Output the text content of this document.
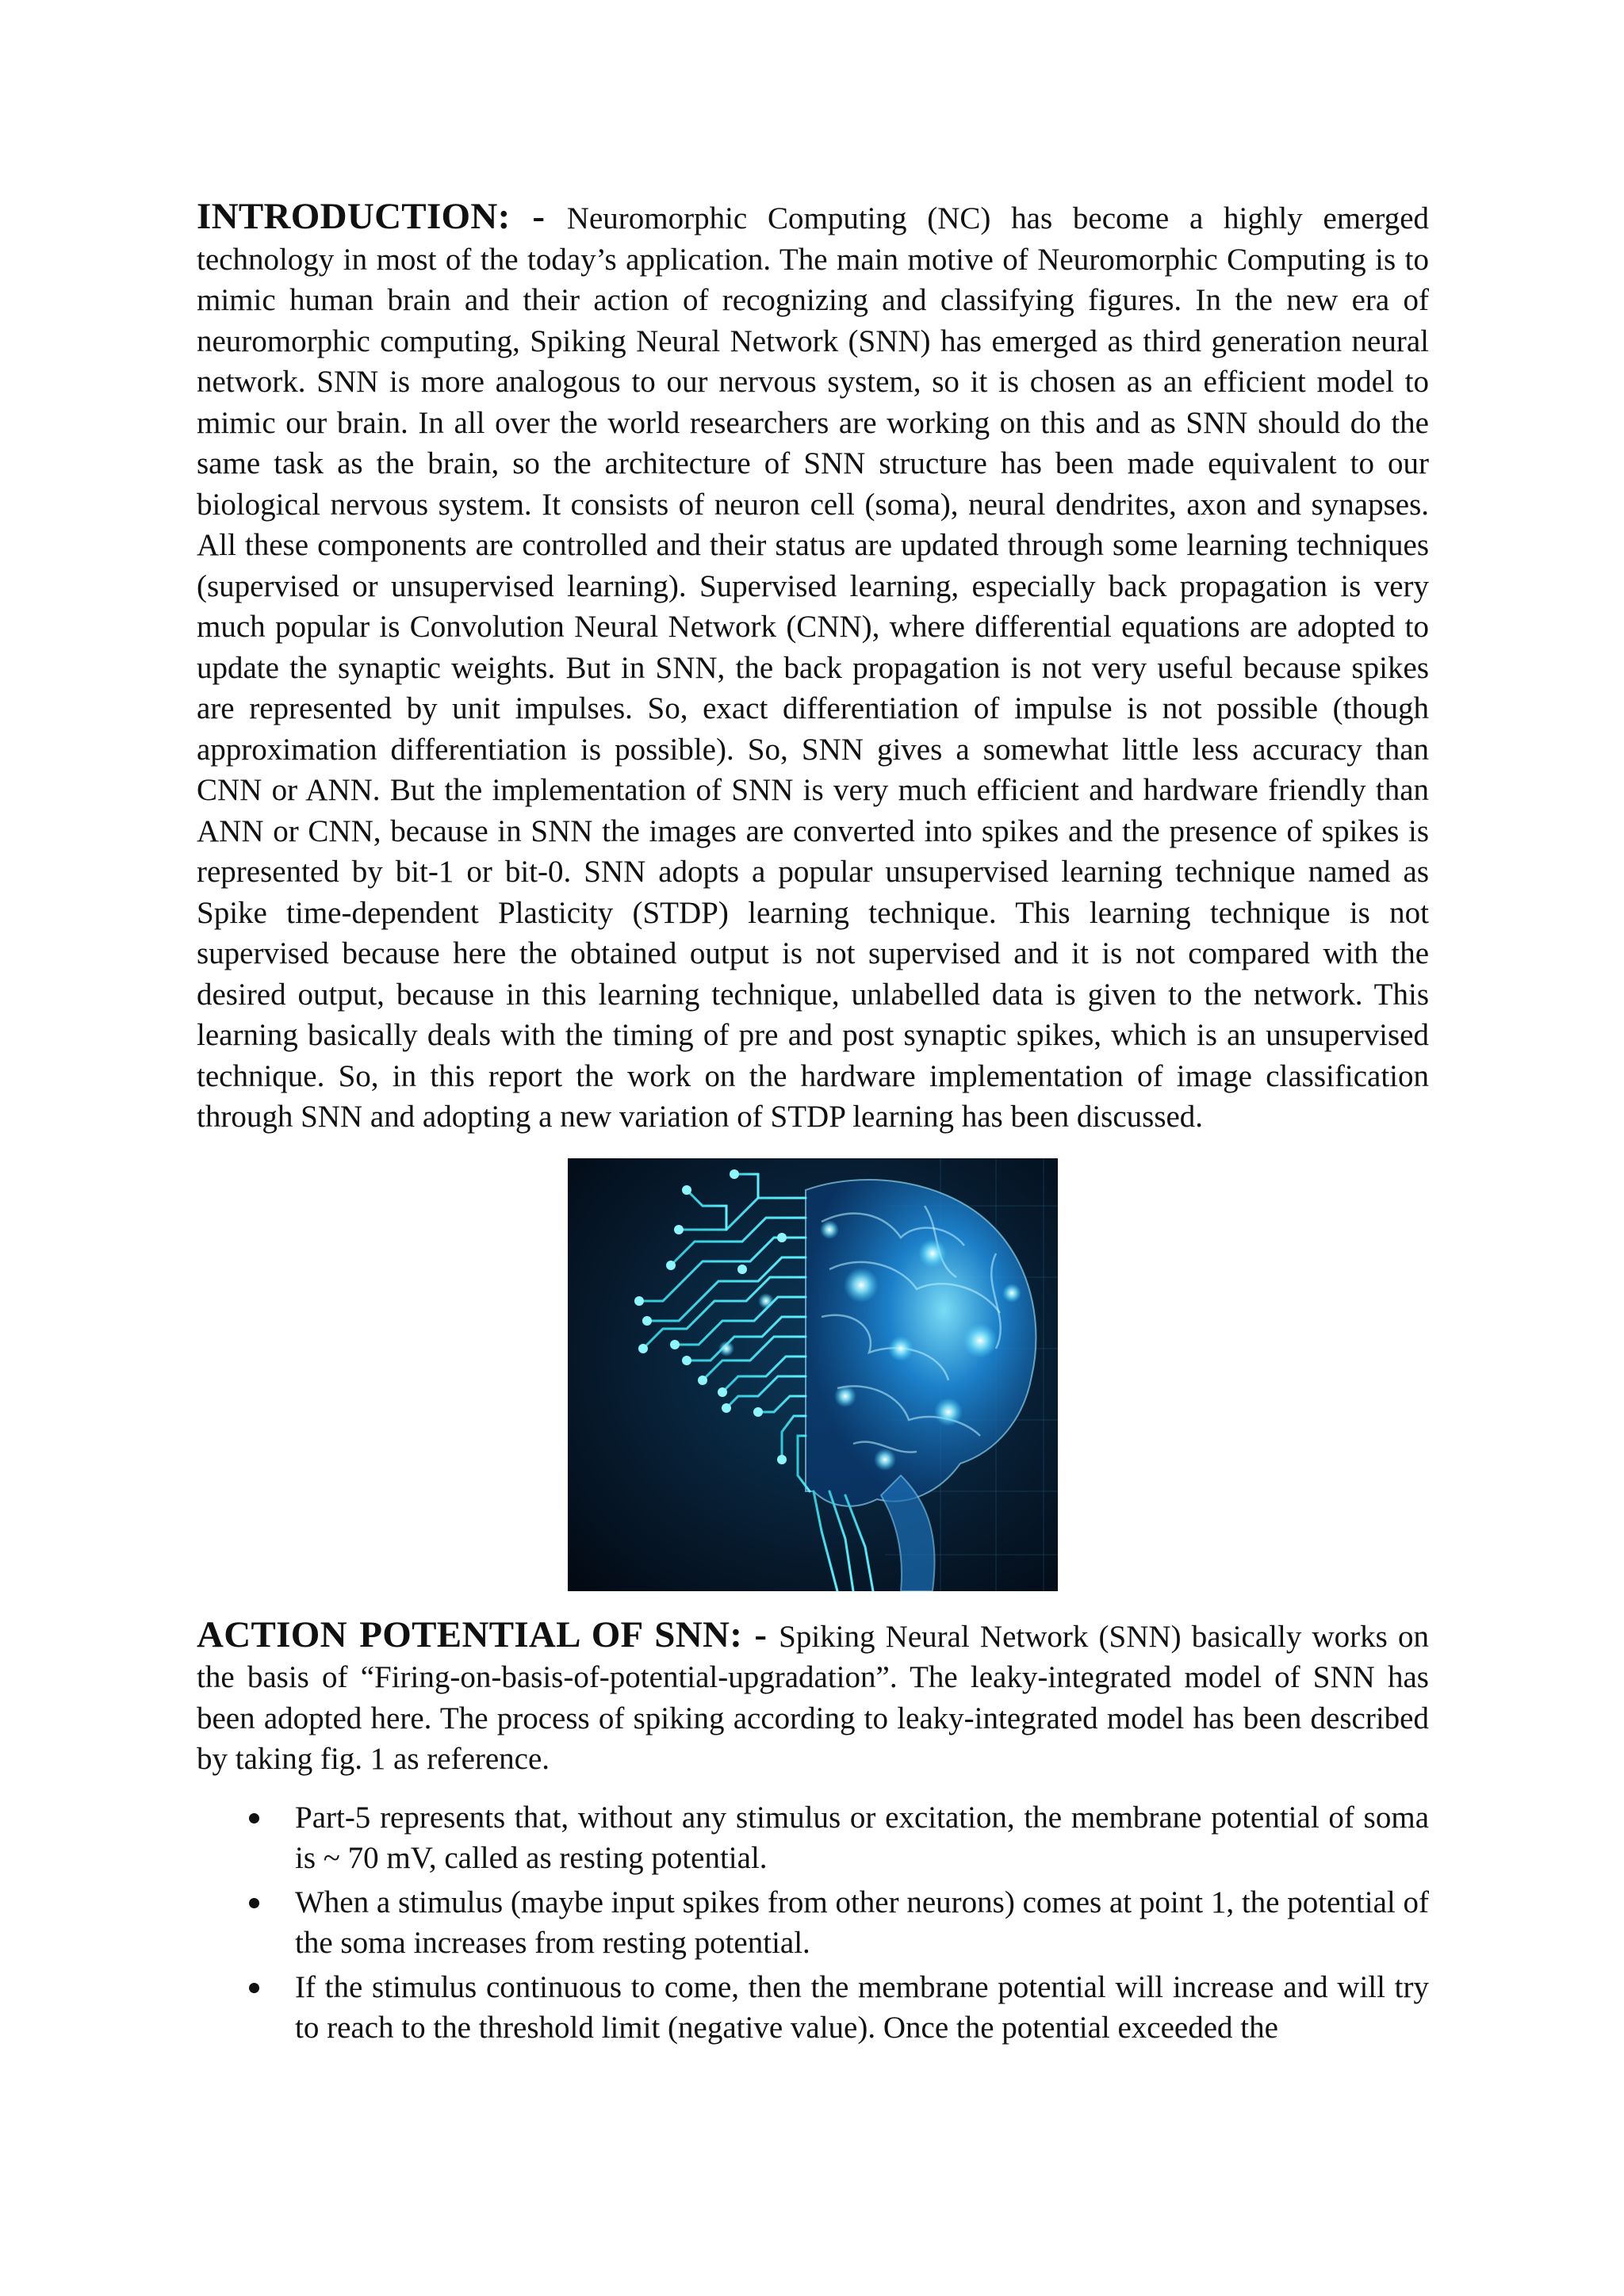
INTRODUCTION: - Neuromorphic Computing (NC) has become a highly emerged technology in most of the today’s application. The main motive of Neuromorphic Computing is to mimic human brain and their action of recognizing and classifying figures. In the new era of neuromorphic computing, Spiking Neural Network (SNN) has emerged as third generation neural network. SNN is more analogous to our nervous system, so it is chosen as an efficient model to mimic our brain. In all over the world researchers are working on this and as SNN should do the same task as the brain, so the architecture of SNN structure has been made equivalent to our biological nervous system. It consists of neuron cell (soma), neural dendrites, axon and synapses. All these components are controlled and their status are updated through some learning techniques (supervised or unsupervised learning). Supervised learning, especially back propagation is very much popular is Convolution Neural Network (CNN), where differential equations are adopted to update the synaptic weights. But in SNN, the back propagation is not very useful because spikes are represented by unit impulses. So, exact differentiation of impulse is not possible (though approximation differentiation is possible). So, SNN gives a somewhat little less accuracy than CNN or ANN. But the implementation of SNN is very much efficient and hardware friendly than ANN or CNN, because in SNN the images are converted into spikes and the presence of spikes is represented by bit-1 or bit-0. SNN adopts a popular unsupervised learning technique named as Spike time-dependent Plasticity (STDP) learning technique. This learning technique is not supervised because here the obtained output is not supervised and it is not compared with the desired output, because in this learning technique, unlabelled data is given to the network. This learning basically deals with the timing of pre and post synaptic spikes, which is an unsupervised technique. So, in this report the work on the hardware implementation of image classification through SNN and adopting a new variation of STDP learning has been discussed.

ACTION POTENTIAL OF SNN: - Spiking Neural Network (SNN) basically works on the basis of “Firing-on-basis-of-potential-upgradation”. The leaky-integrated model of SNN has been adopted here. The process of spiking according to leaky-integrated model has been described by taking fig. 1 as reference.

Part-5 represents that, without any stimulus or excitation, the membrane potential of soma is ~ 70 mV, called as resting potential.
When a stimulus (maybe input spikes from other neurons) comes at point 1, the potential of the soma increases from resting potential.
If the stimulus continuous to come, then the membrane potential will increase and will try to reach to the threshold limit (negative value). Once the potential exceeded the
